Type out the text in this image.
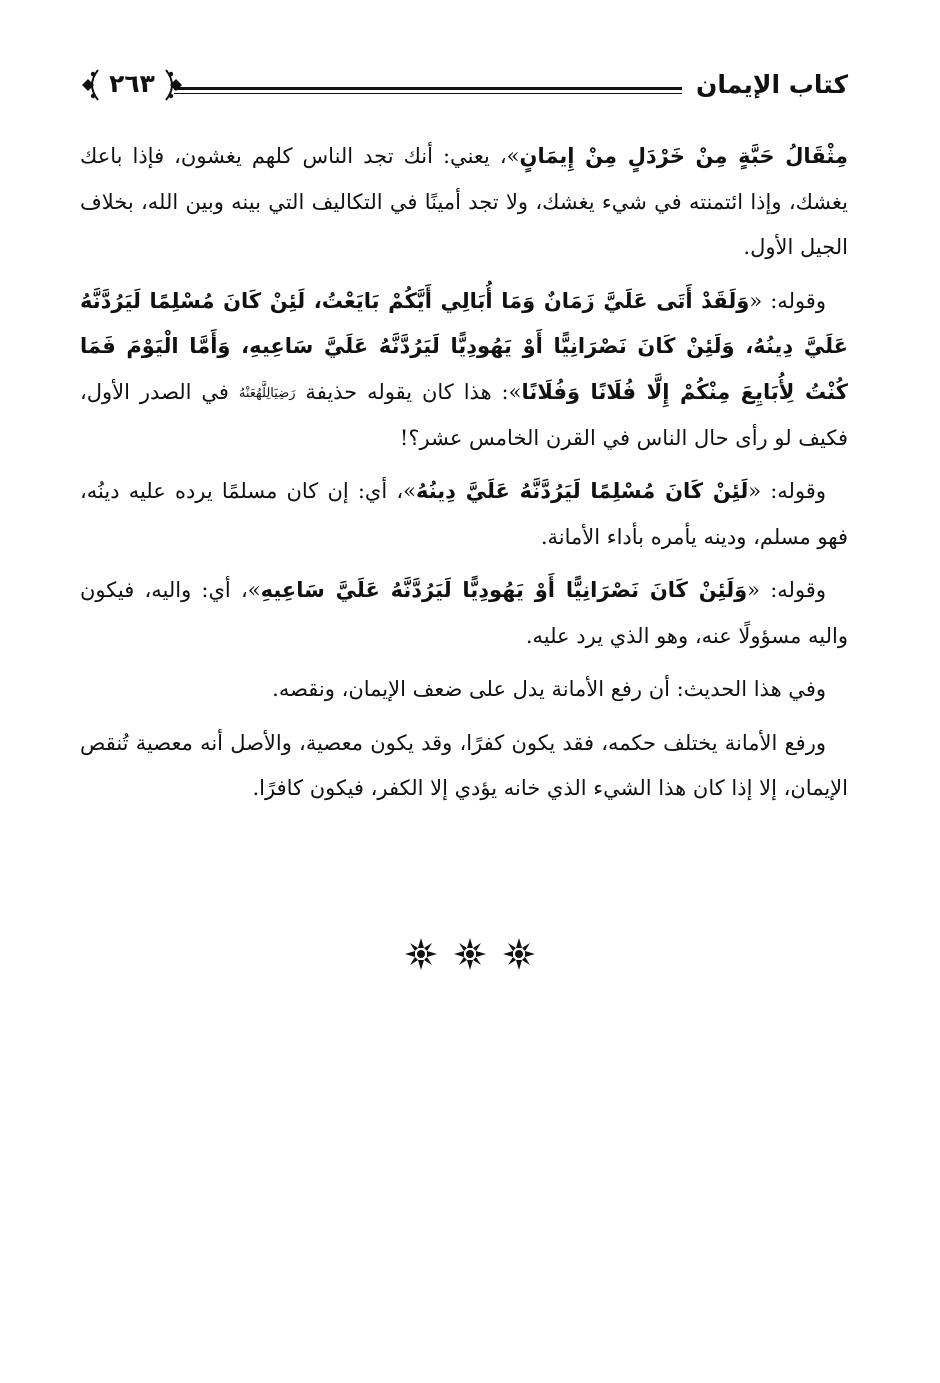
كتاب الإيمان
٢٦٣

مِثْقَالُ حَبَّةٍ مِنْ خَرْدَلٍ مِنْ إِيمَانٍ»، يعني: أنك تجد الناس كلهم يغشون، فإذا باعك يغشك، وإذا ائتمنته في شيء يغشك، ولا تجد أمينًا في التكاليف التي بينه وبين الله، بخلاف الجيل الأول.

وقوله: «وَلَقَدْ أَتَى عَلَيَّ زَمَانٌ وَمَا أُبَالِي أَيَّكُمْ بَايَعْتُ، لَئِنْ كَانَ مُسْلِمًا لَيَرُدَّنَّهُ عَلَيَّ دِينُهُ، وَلَئِنْ كَانَ نَصْرَانِيًّا أَوْ يَهُودِيًّا لَيَرُدَّنَّهُ عَلَيَّ سَاعِيهِ، وَأَمَّا الْيَوْمَ فَمَا كُنْتُ لِأُبَايِعَ مِنْكُمْ إِلَّا فُلَانًا وَفُلَانًا»: هذا كان يقوله حذيفة رَضِيَالِلَّهُعَنْهُ في الصدر الأول، فكيف لو رأى حال الناس في القرن الخامس عشر؟!

وقوله: «لَئِنْ كَانَ مُسْلِمًا لَيَرُدَّنَّهُ عَلَيَّ دِينُهُ»، أي: إن كان مسلمًا يرده عليه دينُه، فهو مسلم، ودينه يأمره بأداء الأمانة.

وقوله: «وَلَئِنْ كَانَ نَصْرَانِيًّا أَوْ يَهُودِيًّا لَيَرُدَّنَّهُ عَلَيَّ سَاعِيهِ»، أي: واليه، فيكون واليه مسؤولًا عنه، وهو الذي يرد عليه.

وفي هذا الحديث: أن رفع الأمانة يدل على ضعف الإيمان، ونقصه.

ورفع الأمانة يختلف حكمه، فقد يكون كفرًا، وقد يكون معصية، والأصل أنه معصية تُنقص الإيمان، إلا إذا كان هذا الشيء الذي خانه يؤدي إلا الكفر، فيكون كافرًا.
